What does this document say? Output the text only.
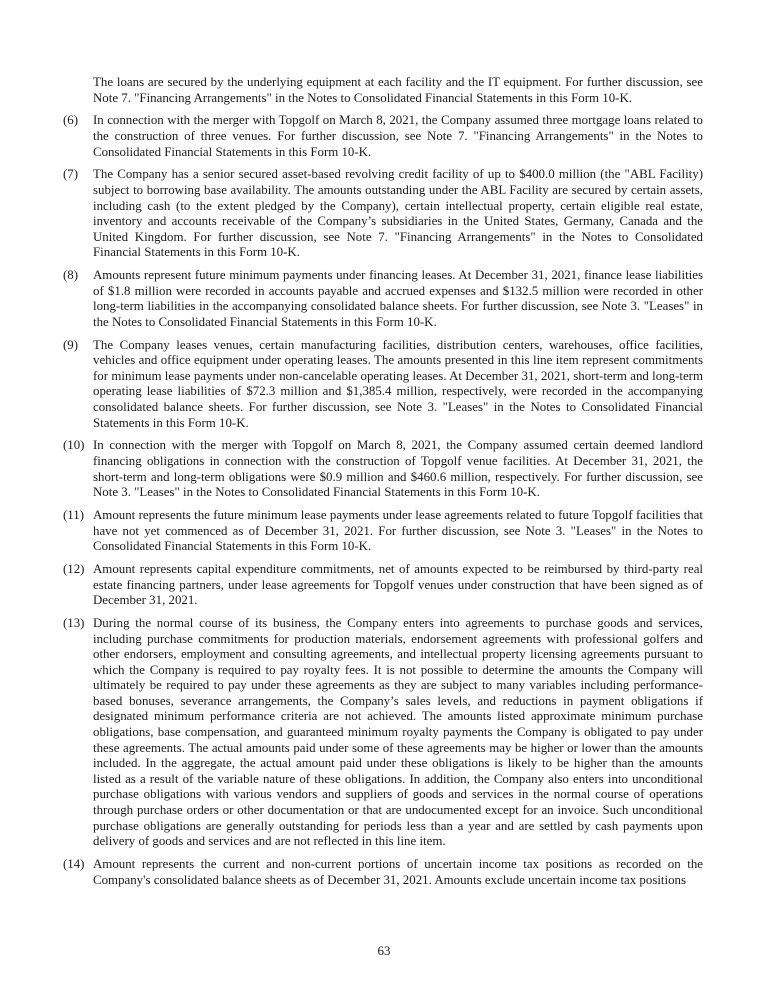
The loans are secured by the underlying equipment at each facility and the IT equipment. For further discussion, see Note 7. "Financing Arrangements" in the Notes to Consolidated Financial Statements in this Form 10-K.
(6)	In connection with the merger with Topgolf on March 8, 2021, the Company assumed three mortgage loans related to the construction of three venues. For further discussion, see Note 7. "Financing Arrangements" in the Notes to Consolidated Financial Statements in this Form 10-K.
(7)	The Company has a senior secured asset-based revolving credit facility of up to $400.0 million (the "ABL Facility) subject to borrowing base availability. The amounts outstanding under the ABL Facility are secured by certain assets, including cash (to the extent pledged by the Company), certain intellectual property, certain eligible real estate, inventory and accounts receivable of the Company’s subsidiaries in the United States, Germany, Canada and the United Kingdom. For further discussion, see Note 7. "Financing Arrangements" in the Notes to Consolidated Financial Statements in this Form 10-K.
(8)	Amounts represent future minimum payments under financing leases. At December 31, 2021, finance lease liabilities of $1.8 million were recorded in accounts payable and accrued expenses and $132.5 million were recorded in other long-term liabilities in the accompanying consolidated balance sheets. For further discussion, see Note 3. "Leases" in the Notes to Consolidated Financial Statements in this Form 10-K.
(9)	The Company leases venues, certain manufacturing facilities, distribution centers, warehouses, office facilities, vehicles and office equipment under operating leases. The amounts presented in this line item represent commitments for minimum lease payments under non-cancelable operating leases. At December 31, 2021, short-term and long-term operating lease liabilities of $72.3 million and $1,385.4 million, respectively, were recorded in the accompanying consolidated balance sheets. For further discussion, see Note 3. "Leases" in the Notes to Consolidated Financial Statements in this Form 10-K.
(10) In connection with the merger with Topgolf on March 8, 2021, the Company assumed certain deemed landlord financing obligations in connection with the construction of Topgolf venue facilities. At December 31, 2021, the short-term and long-term obligations were $0.9 million and $460.6 million, respectively. For further discussion, see Note 3. "Leases" in the Notes to Consolidated Financial Statements in this Form 10-K.
(11) Amount represents the future minimum lease payments under lease agreements related to future Topgolf facilities that have not yet commenced as of December 31, 2021. For further discussion, see Note 3. "Leases" in the Notes to Consolidated Financial Statements in this Form 10-K.
(12) Amount represents capital expenditure commitments, net of amounts expected to be reimbursed by third-party real estate financing partners, under lease agreements for Topgolf venues under construction that have been signed as of December 31, 2021.
(13) During the normal course of its business, the Company enters into agreements to purchase goods and services, including purchase commitments for production materials, endorsement agreements with professional golfers and other endorsers, employment and consulting agreements, and intellectual property licensing agreements pursuant to which the Company is required to pay royalty fees. It is not possible to determine the amounts the Company will ultimately be required to pay under these agreements as they are subject to many variables including performance-based bonuses, severance arrangements, the Company’s sales levels, and reductions in payment obligations if designated minimum performance criteria are not achieved. The amounts listed approximate minimum purchase obligations, base compensation, and guaranteed minimum royalty payments the Company is obligated to pay under these agreements. The actual amounts paid under some of these agreements may be higher or lower than the amounts included. In the aggregate, the actual amount paid under these obligations is likely to be higher than the amounts listed as a result of the variable nature of these obligations. In addition, the Company also enters into unconditional purchase obligations with various vendors and suppliers of goods and services in the normal course of operations through purchase orders or other documentation or that are undocumented except for an invoice. Such unconditional purchase obligations are generally outstanding for periods less than a year and are settled by cash payments upon delivery of goods and services and are not reflected in this line item.
(14) Amount represents the current and non-current portions of uncertain income tax positions as recorded on the Company's consolidated balance sheets as of December 31, 2021. Amounts exclude uncertain income tax positions
63
